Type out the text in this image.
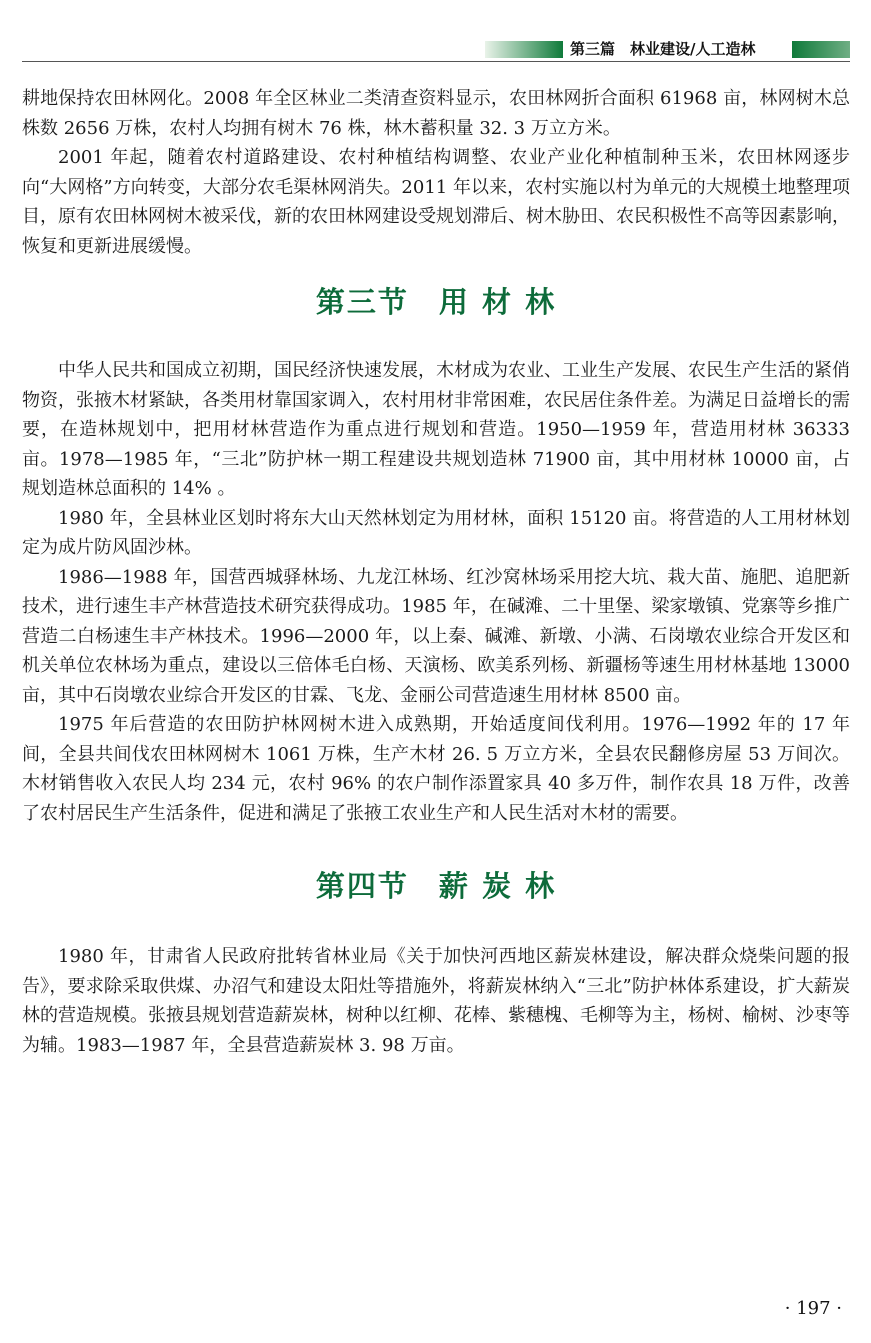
第三篇　林业建设/人工造林

耕地保持农田林网化。2008 年全区林业二类清查资料显示，农田林网折合面积 61968 亩，林网树木总株数 2656 万株，农村人均拥有树木 76 株，林木蓄积量 32. 3 万立方米。

2001 年起，随着农村道路建设、农村种植结构调整、农业产业化种植制种玉米，农田林网逐步向“大网格”方向转变，大部分农毛渠林网消失。2011 年以来，农村实施以村为单元的大规模土地整理项目，原有农田林网树木被采伐，新的农田林网建设受规划滞后、树木胁田、农民积极性不高等因素影响，恢复和更新进展缓慢。

第三节 用 材 林

中华人民共和国成立初期，国民经济快速发展，木材成为农业、工业生产发展、农民生产生活的紧俏物资，张掖木材紧缺，各类用材靠国家调入，农村用材非常困难，农民居住条件差。为满足日益增长的需要，在造林规划中，把用材林营造作为重点进行规划和营造。1950—1959 年，营造用材林 36333 亩。1978—1985 年，“三北”防护林一期工程建设共规划造林 71900 亩，其中用材林 10000 亩，占规划造林总面积的 14% 。

1980 年，全县林业区划时将东大山天然林划定为用材林，面积 15120 亩。将营造的人工用材林划定为成片防风固沙林。

1986—1988 年，国营西城驿林场、九龙江林场、红沙窝林场采用挖大坑、栽大苗、施肥、追肥新技术，进行速生丰产林营造技术研究获得成功。1985 年，在碱滩、二十里堡、梁家墩镇、党寨等乡推广营造二白杨速生丰产林技术。1996—2000 年，以上秦、碱滩、新墩、小满、石岗墩农业综合开发区和机关单位农林场为重点，建设以三倍体毛白杨、天演杨、欧美系列杨、新疆杨等速生用材林基地 13000 亩，其中石岗墩农业综合开发区的甘霖、飞龙、金丽公司营造速生用材林 8500 亩。

1975 年后营造的农田防护林网树木进入成熟期，开始适度间伐利用。1976—1992 年的 17 年间，全县共间伐农田林网树木 1061 万株，生产木材 26. 5 万立方米，全县农民翻修房屋 53 万间次。木材销售收入农民人均 234 元，农村 96% 的农户制作添置家具 40 多万件，制作农具 18 万件，改善了农村居民生产生活条件，促进和满足了张掖工农业生产和人民生活对木材的需要。

第四节 薪 炭 林

1980 年，甘肃省人民政府批转省林业局《关于加快河西地区薪炭林建设，解决群众烧柴问题的报告》，要求除采取供煤、办沼气和建设太阳灶等措施外，将薪炭林纳入“三北”防护林体系建设，扩大薪炭林的营造规模。张掖县规划营造薪炭林，树种以红柳、花棒、紫穗槐、毛柳等为主，杨树、榆树、沙枣等为辅。1983—1987 年，全县营造薪炭林 3. 98 万亩。

· 197 ·
